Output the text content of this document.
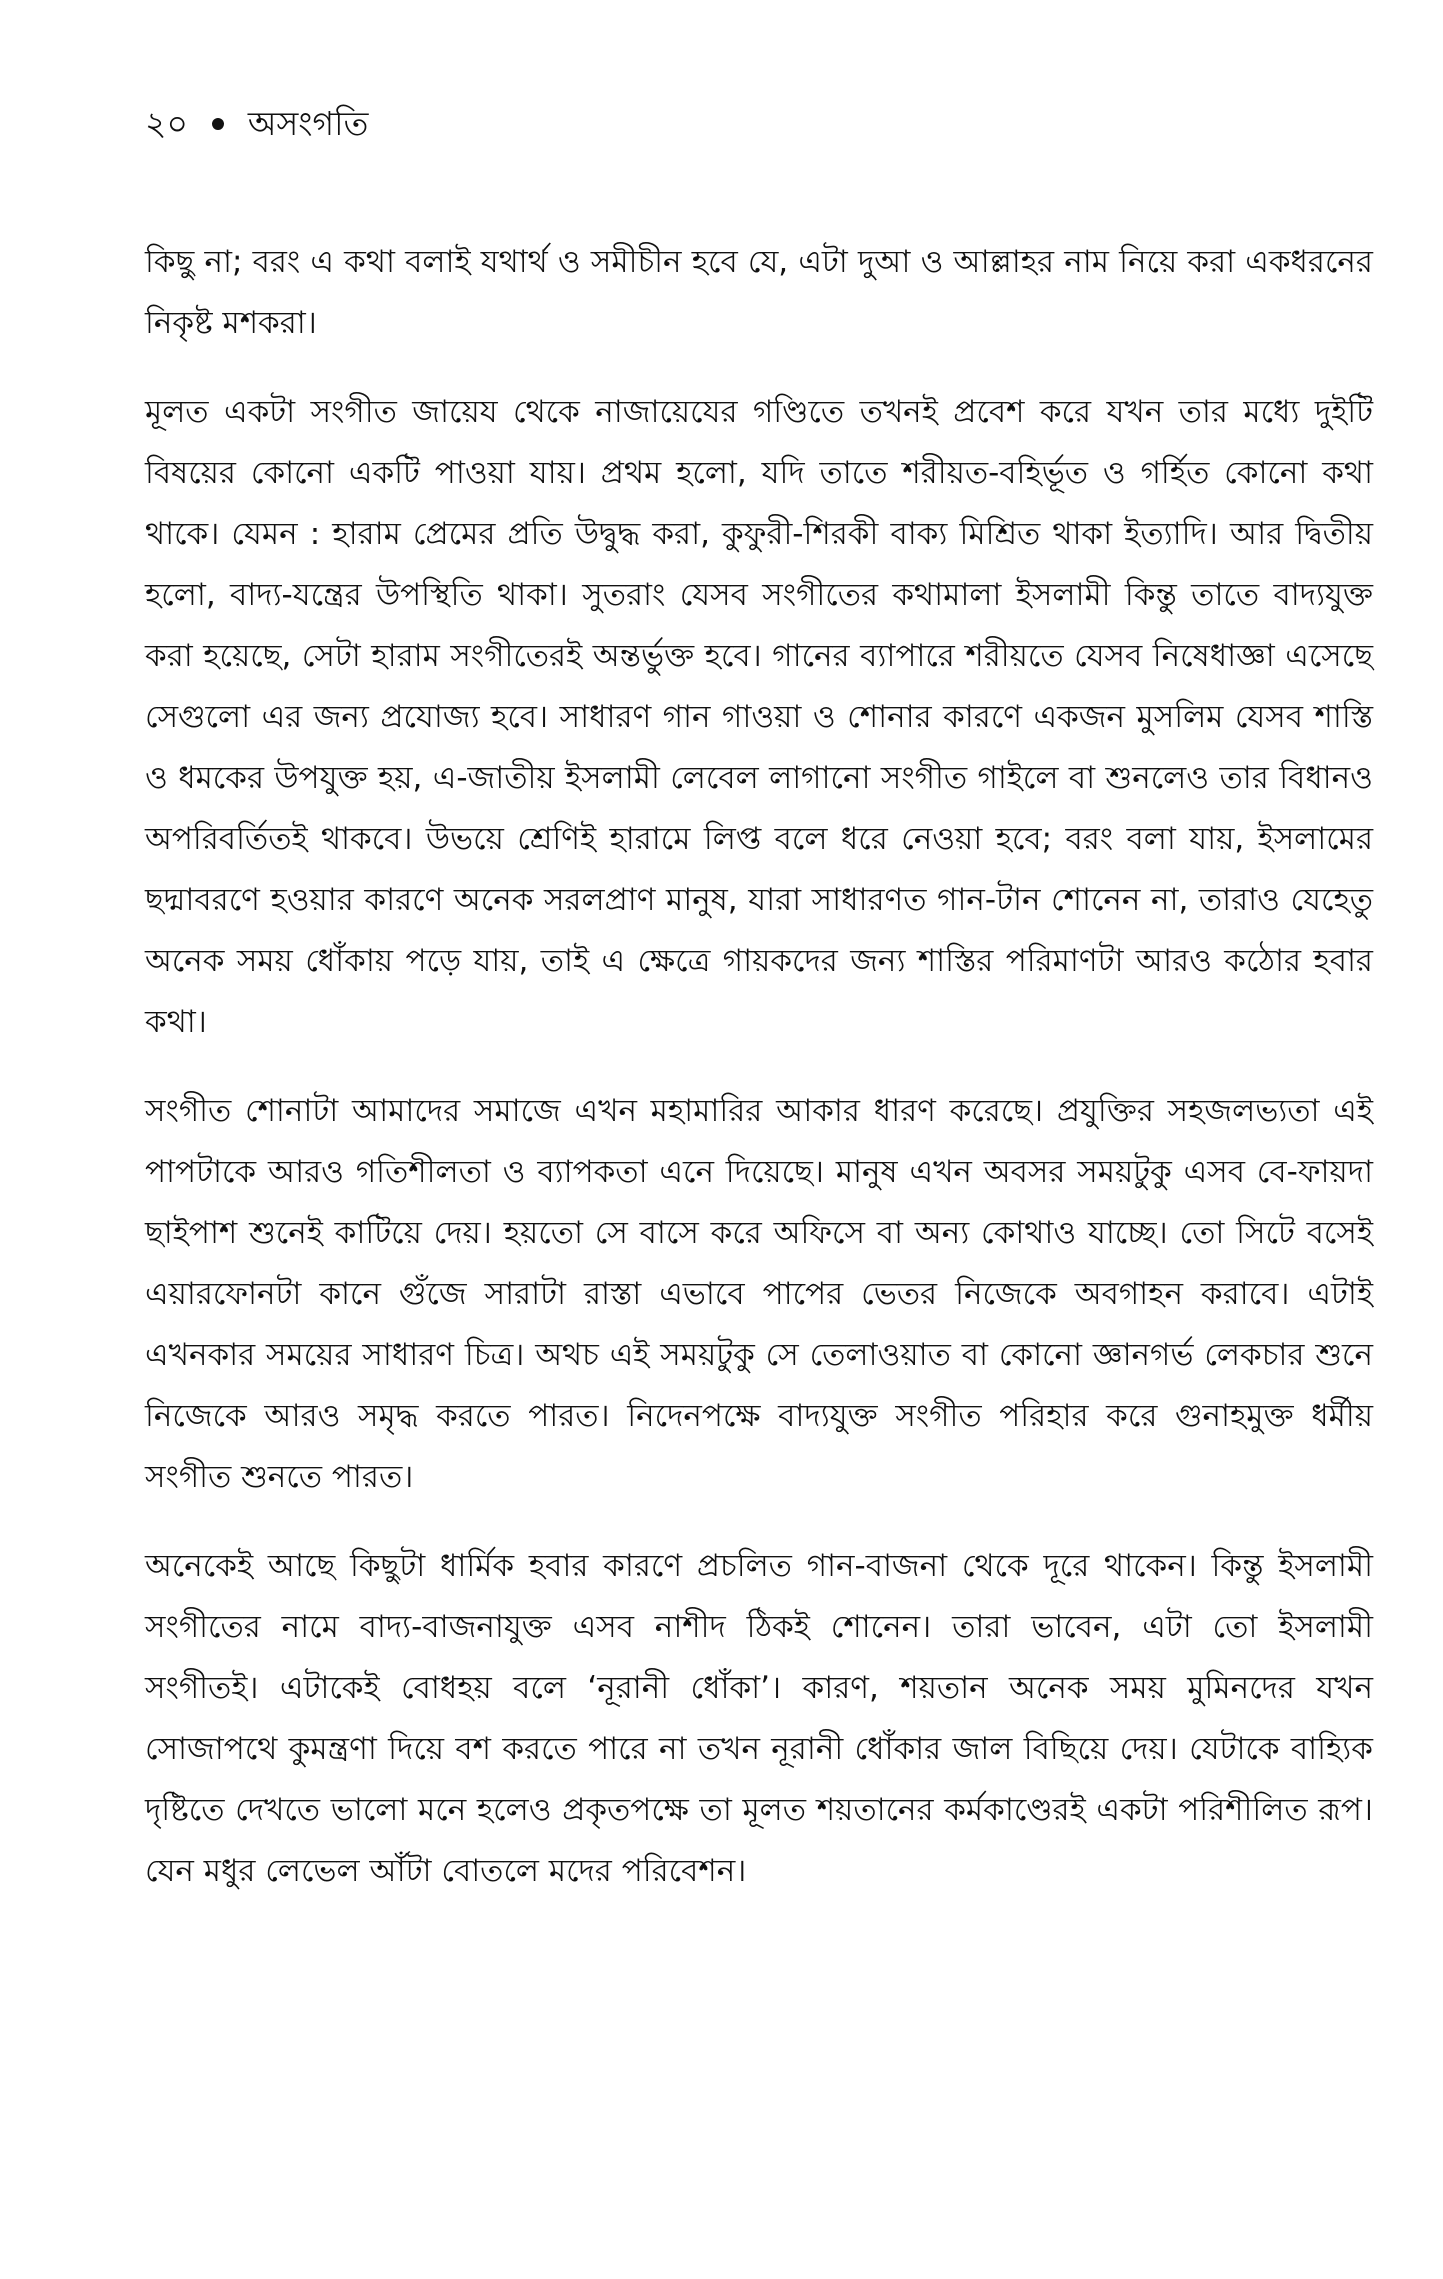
২০ অসংগতি

কিছু না; বরং এ কথা বলাই যথার্থ ও সমীচীন হবে যে, এটা দুআ ও আল্লাহর নাম নিয়ে করা একধরনের নিকৃষ্ট মশকরা।

মূলত একটা সংগীত জায়েয থেকে নাজায়েযের গণ্ডিতে তখনই প্রবেশ করে যখন তার মধ্যে দুইটি বিষয়ের কোনো একটি পাওয়া যায়। প্রথম হলো, যদি তাতে শরীয়ত-বহির্ভূত ও গর্হিত কোনো কথা থাকে। যেমন : হারাম প্রেমের প্রতি উদ্বুদ্ধ করা, কুফুরী-শিরকী বাক্য মিশ্রিত থাকা ইত্যাদি। আর দ্বিতীয় হলো, বাদ্য-যন্ত্রের উপস্থিতি থাকা। সুতরাং যেসব সংগীতের কথামালা ইসলামী কিন্তু তাতে বাদ্যযুক্ত করা হয়েছে, সেটা হারাম সংগীতেরই অন্তর্ভুক্ত হবে। গানের ব্যাপারে শরীয়তে যেসব নিষেধাজ্ঞা এসেছে সেগুলো এর জন্য প্রযোজ্য হবে। সাধারণ গান গাওয়া ও শোনার কারণে একজন মুসলিম যেসব শাস্তি ও ধমকের উপযুক্ত হয়, এ-জাতীয় ইসলামী লেবেল লাগানো সংগীত গাইলে বা শুনলেও তার বিধানও অপরিবর্তিতই থাকবে। উভয়ে শ্রেণিই হারামে লিপ্ত বলে ধরে নেওয়া হবে; বরং বলা যায়, ইসলামের ছদ্মাবরণে হওয়ার কারণে অনেক সরলপ্রাণ মানুষ, যারা সাধারণত গান-টান শোনেন না, তারাও যেহেতু অনেক সময় ধোঁকায় পড়ে যায়, তাই এ ক্ষেত্রে গায়কদের জন্য শাস্তির পরিমাণটা আরও কঠোর হবার কথা।

সংগীত শোনাটা আমাদের সমাজে এখন মহামারির আকার ধারণ করেছে। প্রযুক্তির সহজলভ্যতা এই পাপটাকে আরও গতিশীলতা ও ব্যাপকতা এনে দিয়েছে। মানুষ এখন অবসর সময়টুকু এসব বে-ফায়দা ছাইপাশ শুনেই কাটিয়ে দেয়। হয়তো সে বাসে করে অফিসে বা অন্য কোথাও যাচ্ছে। তো সিটে বসেই এয়ারফোনটা কানে গুঁজে সারাটা রাস্তা এভাবে পাপের ভেতর নিজেকে অবগাহন করাবে। এটাই এখনকার সময়ের সাধারণ চিত্র। অথচ এই সময়টুকু সে তেলাওয়াত বা কোনো জ্ঞানগর্ভ লেকচার শুনে নিজেকে আরও সমৃদ্ধ করতে পারত। নিদেনপক্ষে বাদ্যযুক্ত সংগীত পরিহার করে গুনাহমুক্ত ধর্মীয় সংগীত শুনতে পারত।

অনেকেই আছে কিছুটা ধার্মিক হবার কারণে প্রচলিত গান-বাজনা থেকে দূরে থাকেন। কিন্তু ইসলামী সংগীতের নামে বাদ্য-বাজনাযুক্ত এসব নাশীদ ঠিকই শোনেন। তারা ভাবেন, এটা তো ইসলামী সংগীতই। এটাকেই বোধহয় বলে ‘নূরানী ধোঁকা’। কারণ, শয়তান অনেক সময় মুমিনদের যখন সোজাপথে কুমন্ত্রণা দিয়ে বশ করতে পারে না তখন নূরানী ধোঁকার জাল বিছিয়ে দেয়। যেটাকে বাহ্যিক দৃষ্টিতে দেখতে ভালো মনে হলেও প্রকৃতপক্ষে তা মূলত শয়তানের কর্মকাণ্ডেরই একটা পরিশীলিত রূপ। যেন মধুর লেভেল আঁটা বোতলে মদের পরিবেশন।
